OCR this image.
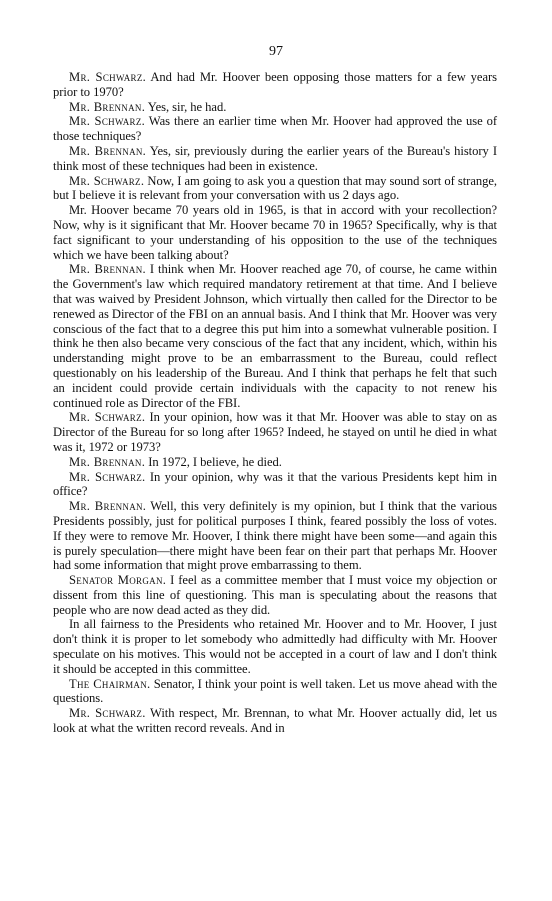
97

Mr. Schwarz. And had Mr. Hoover been opposing those matters for a few years prior to 1970?

Mr. Brennan. Yes, sir, he had.

Mr. Schwarz. Was there an earlier time when Mr. Hoover had approved the use of those techniques?

Mr. Brennan. Yes, sir, previously during the earlier years of the Bureau's history I think most of these techniques had been in existence.

Mr. Schwarz. Now, I am going to ask you a question that may sound sort of strange, but I believe it is relevant from your conversation with us 2 days ago.

Mr. Hoover became 70 years old in 1965, is that in accord with your recollection? Now, why is it significant that Mr. Hoover became 70 in 1965? Specifically, why is that fact significant to your understanding of his opposition to the use of the techniques which we have been talking about?

Mr. Brennan. I think when Mr. Hoover reached age 70, of course, he came within the Government's law which required mandatory retirement at that time. And I believe that was waived by President Johnson, which virtually then called for the Director to be renewed as Director of the FBI on an annual basis. And I think that Mr. Hoover was very conscious of the fact that to a degree this put him into a somewhat vulnerable position. I think he then also became very conscious of the fact that any incident, which, within his understanding might prove to be an embarrassment to the Bureau, could reflect questionably on his leadership of the Bureau. And I think that perhaps he felt that such an incident could provide certain individuals with the capacity to not renew his continued role as Director of the FBI.

Mr. Schwarz. In your opinion, how was it that Mr. Hoover was able to stay on as Director of the Bureau for so long after 1965? Indeed, he stayed on until he died in what was it, 1972 or 1973?

Mr. Brennan. In 1972, I believe, he died.

Mr. Schwarz. In your opinion, why was it that the various Presidents kept him in office?

Mr. Brennan. Well, this very definitely is my opinion, but I think that the various Presidents possibly, just for political purposes I think, feared possibly the loss of votes. If they were to remove Mr. Hoover, I think there might have been some—and again this is purely speculation—there might have been fear on their part that perhaps Mr. Hoover had some information that might prove embarrassing to them.

Senator Morgan. I feel as a committee member that I must voice my objection or dissent from this line of questioning. This man is speculating about the reasons that people who are now dead acted as they did.

In all fairness to the Presidents who retained Mr. Hoover and to Mr. Hoover, I just don't think it is proper to let somebody who admittedly had difficulty with Mr. Hoover speculate on his motives. This would not be accepted in a court of law and I don't think it should be accepted in this committee.

The Chairman. Senator, I think your point is well taken. Let us move ahead with the questions.

Mr. Schwarz. With respect, Mr. Brennan, to what Mr. Hoover actually did, let us look at what the written record reveals. And in
